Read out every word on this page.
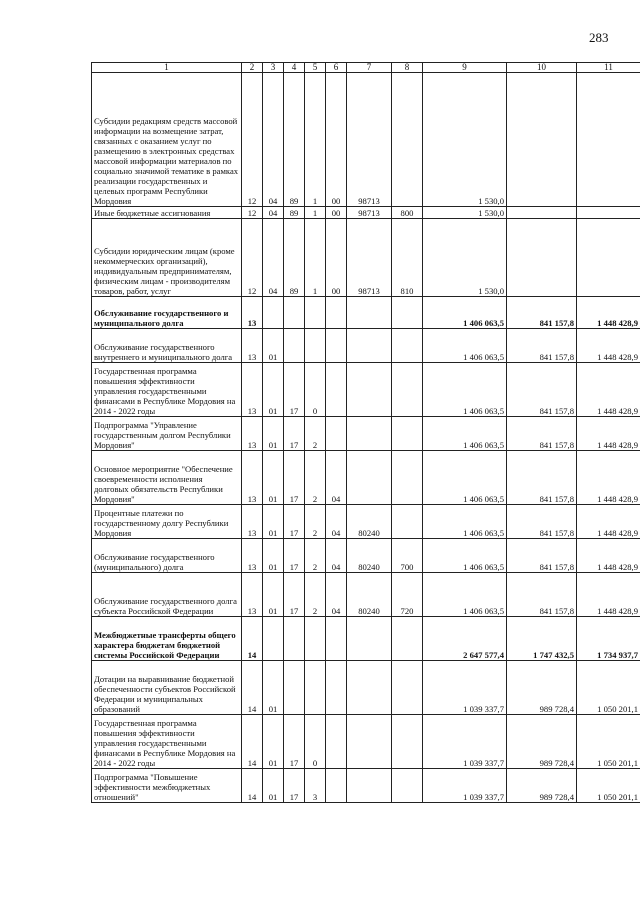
283
1	2	3	4	5	6	7	8	9	10	11
Субсидии редакциям средств массовой информации на возмещение затрат, связанных с оказанием услуг по размещению в электронных средствах массовой информации материалов по социально значимой тематике в рамках реализации государственных и целевых программ Республики Мордовия	12	04	89	1	00	98713		1 530,0		
Иные бюджетные ассигнования	12	04	89	1	00	98713	800	1 530,0		
Субсидии юридическим лицам (кроме некоммерческих организаций), индивидуальным предпринимателям, физическим лицам - производителям товаров, работ, услуг	12	04	89	1	00	98713	810	1 530,0		
Обслуживание государственного и муниципального долга	13							1 406 063,5	841 157,8	1 448 428,9
Обслуживание государственного внутреннего и муниципального долга	13	01						1 406 063,5	841 157,8	1 448 428,9
Государственная программа повышения эффективности управления государственными финансами в Республике Мордовия на 2014 - 2022 годы	13	01	17	0				1 406 063,5	841 157,8	1 448 428,9
Подпрограмма "Управление государственным долгом Республики Мордовия"	13	01	17	2				1 406 063,5	841 157,8	1 448 428,9
Основное мероприятие "Обеспечение своевременности исполнения долговых обязательств Республики Мордовия"	13	01	17	2	04			1 406 063,5	841 157,8	1 448 428,9
Процентные платежи по государственному долгу Республики Мордовия	13	01	17	2	04	80240		1 406 063,5	841 157,8	1 448 428,9
Обслуживание государственного (муниципального) долга	13	01	17	2	04	80240	700	1 406 063,5	841 157,8	1 448 428,9
Обслуживание государственного долга субъекта Российской Федерации	13	01	17	2	04	80240	720	1 406 063,5	841 157,8	1 448 428,9
Межбюджетные трансферты общего характера бюджетам бюджетной системы Российской Федерации	14							2 647 577,4	1 747 432,5	1 734 937,7
Дотации на выравнивание бюджетной обеспеченности субъектов Российской Федерации и муниципальных образований	14	01						1 039 337,7	989 728,4	1 050 201,1
Государственная программа повышения эффективности управления государственными финансами в Республике Мордовия на 2014 - 2022 годы	14	01	17	0				1 039 337,7	989 728,4	1 050 201,1
Подпрограмма "Повышение эффективности межбюджетных отношений"	14	01	17	3				1 039 337,7	989 728,4	1 050 201,1
